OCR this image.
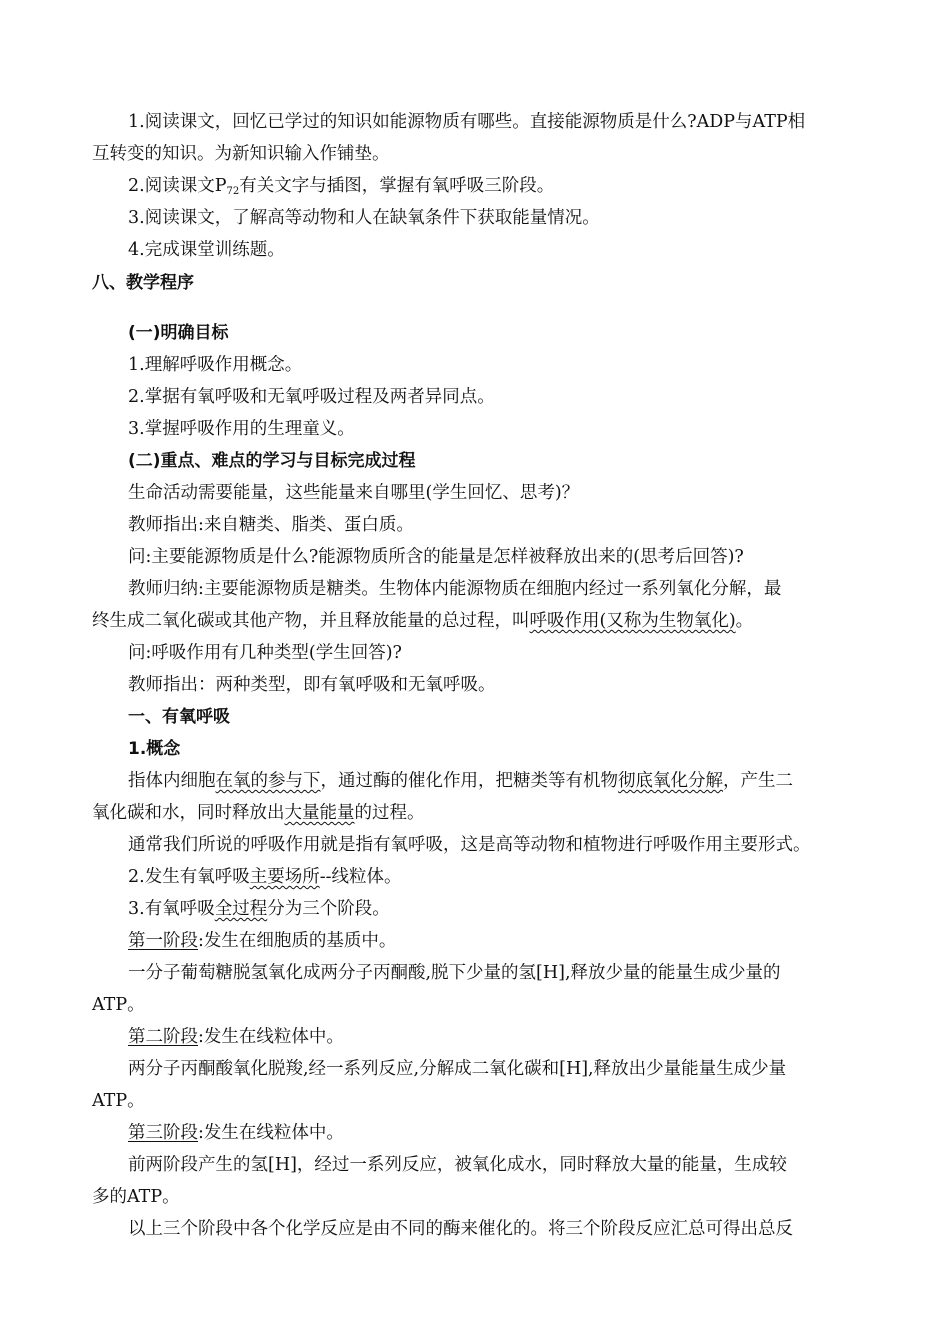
1.阅读课文，回忆已学过的知识如能源物质有哪些。直接能源物质是什么?ADP与ATP相
互转变的知识。为新知识输入作铺垫。
2.阅读课文$P_{72}$有关文字与插图，掌握有氧呼吸三阶段。
3.阅读课文，了解高等动物和人在缺氧条件下获取能量情况。
4.完成课堂训练题。
八、教学程序
(一)明确目标
1.理解呼吸作用概念。
2.掌据有氧呼吸和无氧呼吸过程及两者异同点。
3.掌握呼吸作用的生理童义。
(二)重点、难点的学习与目标完成过程
生命活动需要能量，这些能量来自哪里(学生回忆、思考)？
教师指出:来自糖类、脂类、蛋白质。
问:主要能源物质是什么?能源物质所含的能量是怎样被释放出来的(思考后回答)?
教师归纳:主要能源物质是糖类。生物体内能源物质在细胞内经过一系列氧化分解，最
终生成二氧化碳或其他产物，并且释放能量的总过程，叫呼吸作用(又称为生物氧化)。
问:呼吸作用有几种类型(学生回答)?
教师指出：两种类型，即有氧呼吸和无氧呼吸。
一、有氧呼吸
1.概念
指体内细胞在氧的参与下，通过酶的催化作用，把糖类等有机物彻底氧化分解，产生二
氧化碳和水，同时释放出大量能量的过程。
通常我们所说的呼吸作用就是指有氧呼吸，这是高等动物和植物进行呼吸作用主要形式。
2.发生有氧呼吸主要场所--线粒体。
3.有氧呼吸全过程分为三个阶段。
第一阶段:发生在细胞质的基质中。
一分子葡萄糖脱氢氧化成两分子丙酮酸,脱下少量的氢[H],释放少量的能量生成少量的
ATP。
第二阶段:发生在线粒体中。
两分子丙酮酸氧化脱羧,经一系列反应,分解成二氧化碳和[H],释放出少量能量生成少量
ATP。
第三阶段:发生在线粒体中。
前两阶段产生的氢[H]，经过一系列反应，被氧化成水，同时释放大量的能量，生成较
多的ATP。
以上三个阶段中各个化学反应是由不同的酶来催化的。将三个阶段反应汇总可得出总反
